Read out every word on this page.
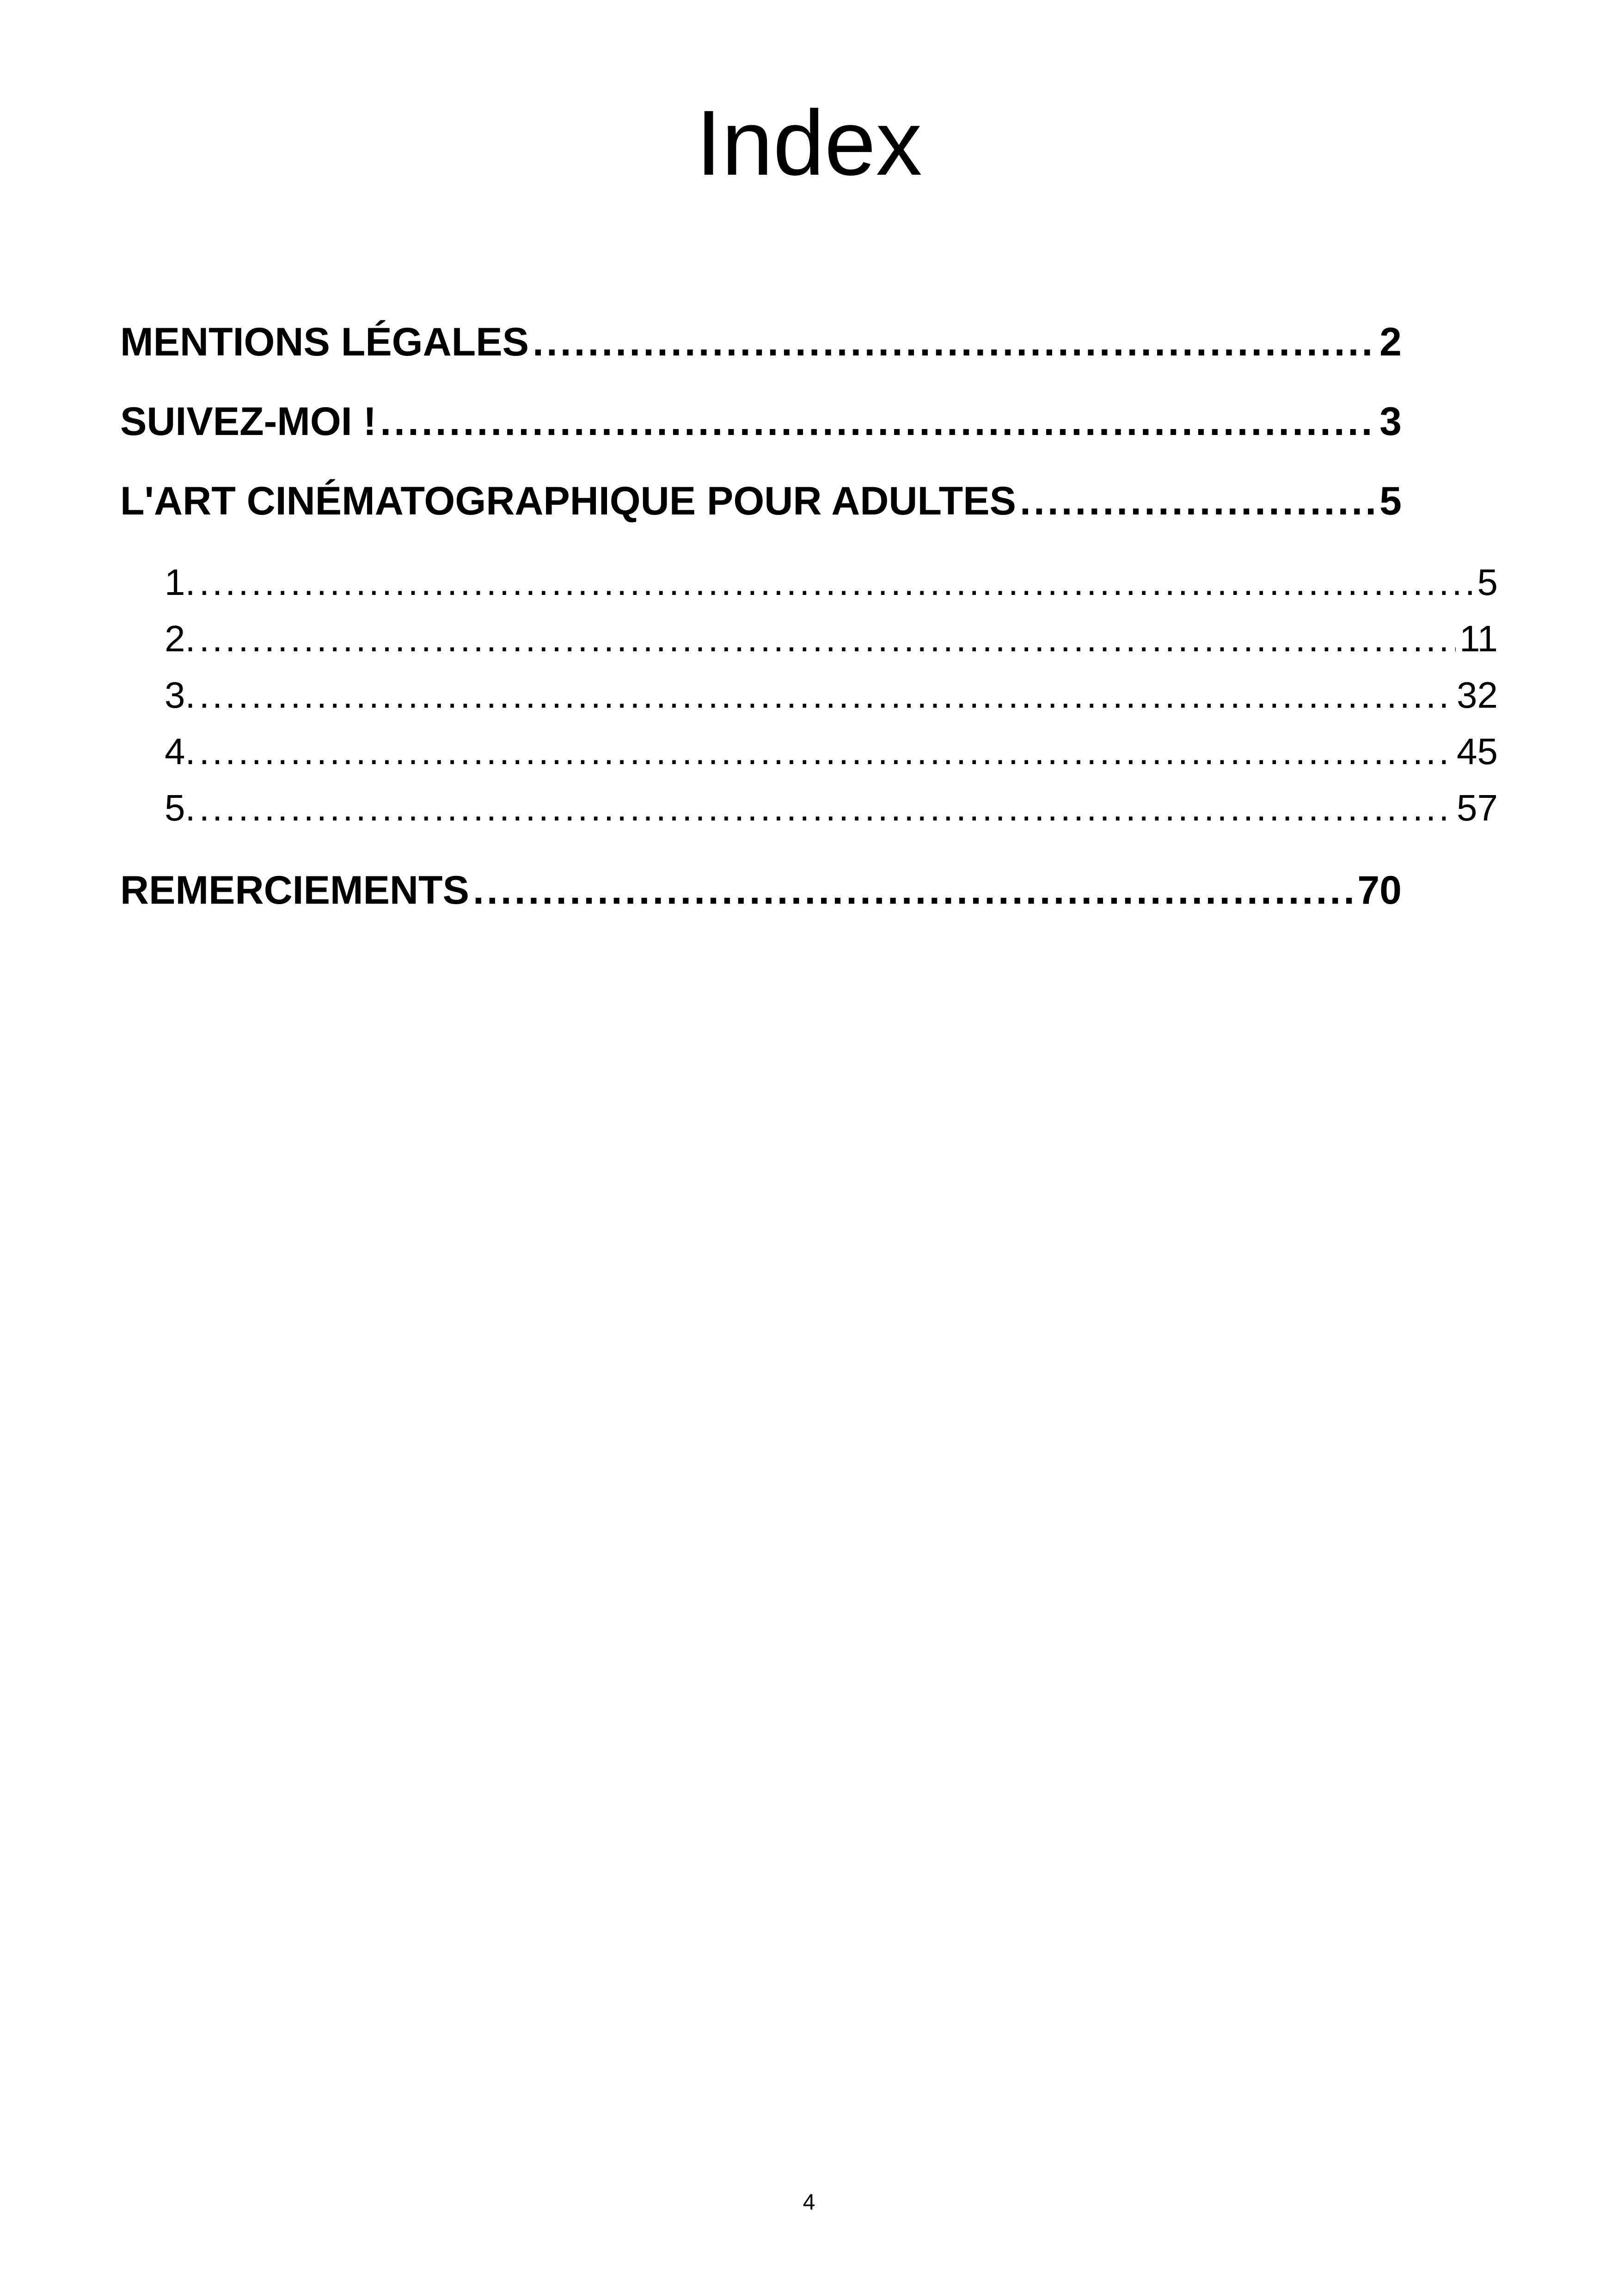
Index
MENTIONS LÉGALES .....	2
SUIVEZ-MOI ! .....	3
L'ART CINÉMATOGRAPHIQUE POUR ADULTES .....	5
1. .....	5
2. .....	11
3. .....	32
4. .....	45
5. .....	57
REMERCIEMENTS .....	70
4
